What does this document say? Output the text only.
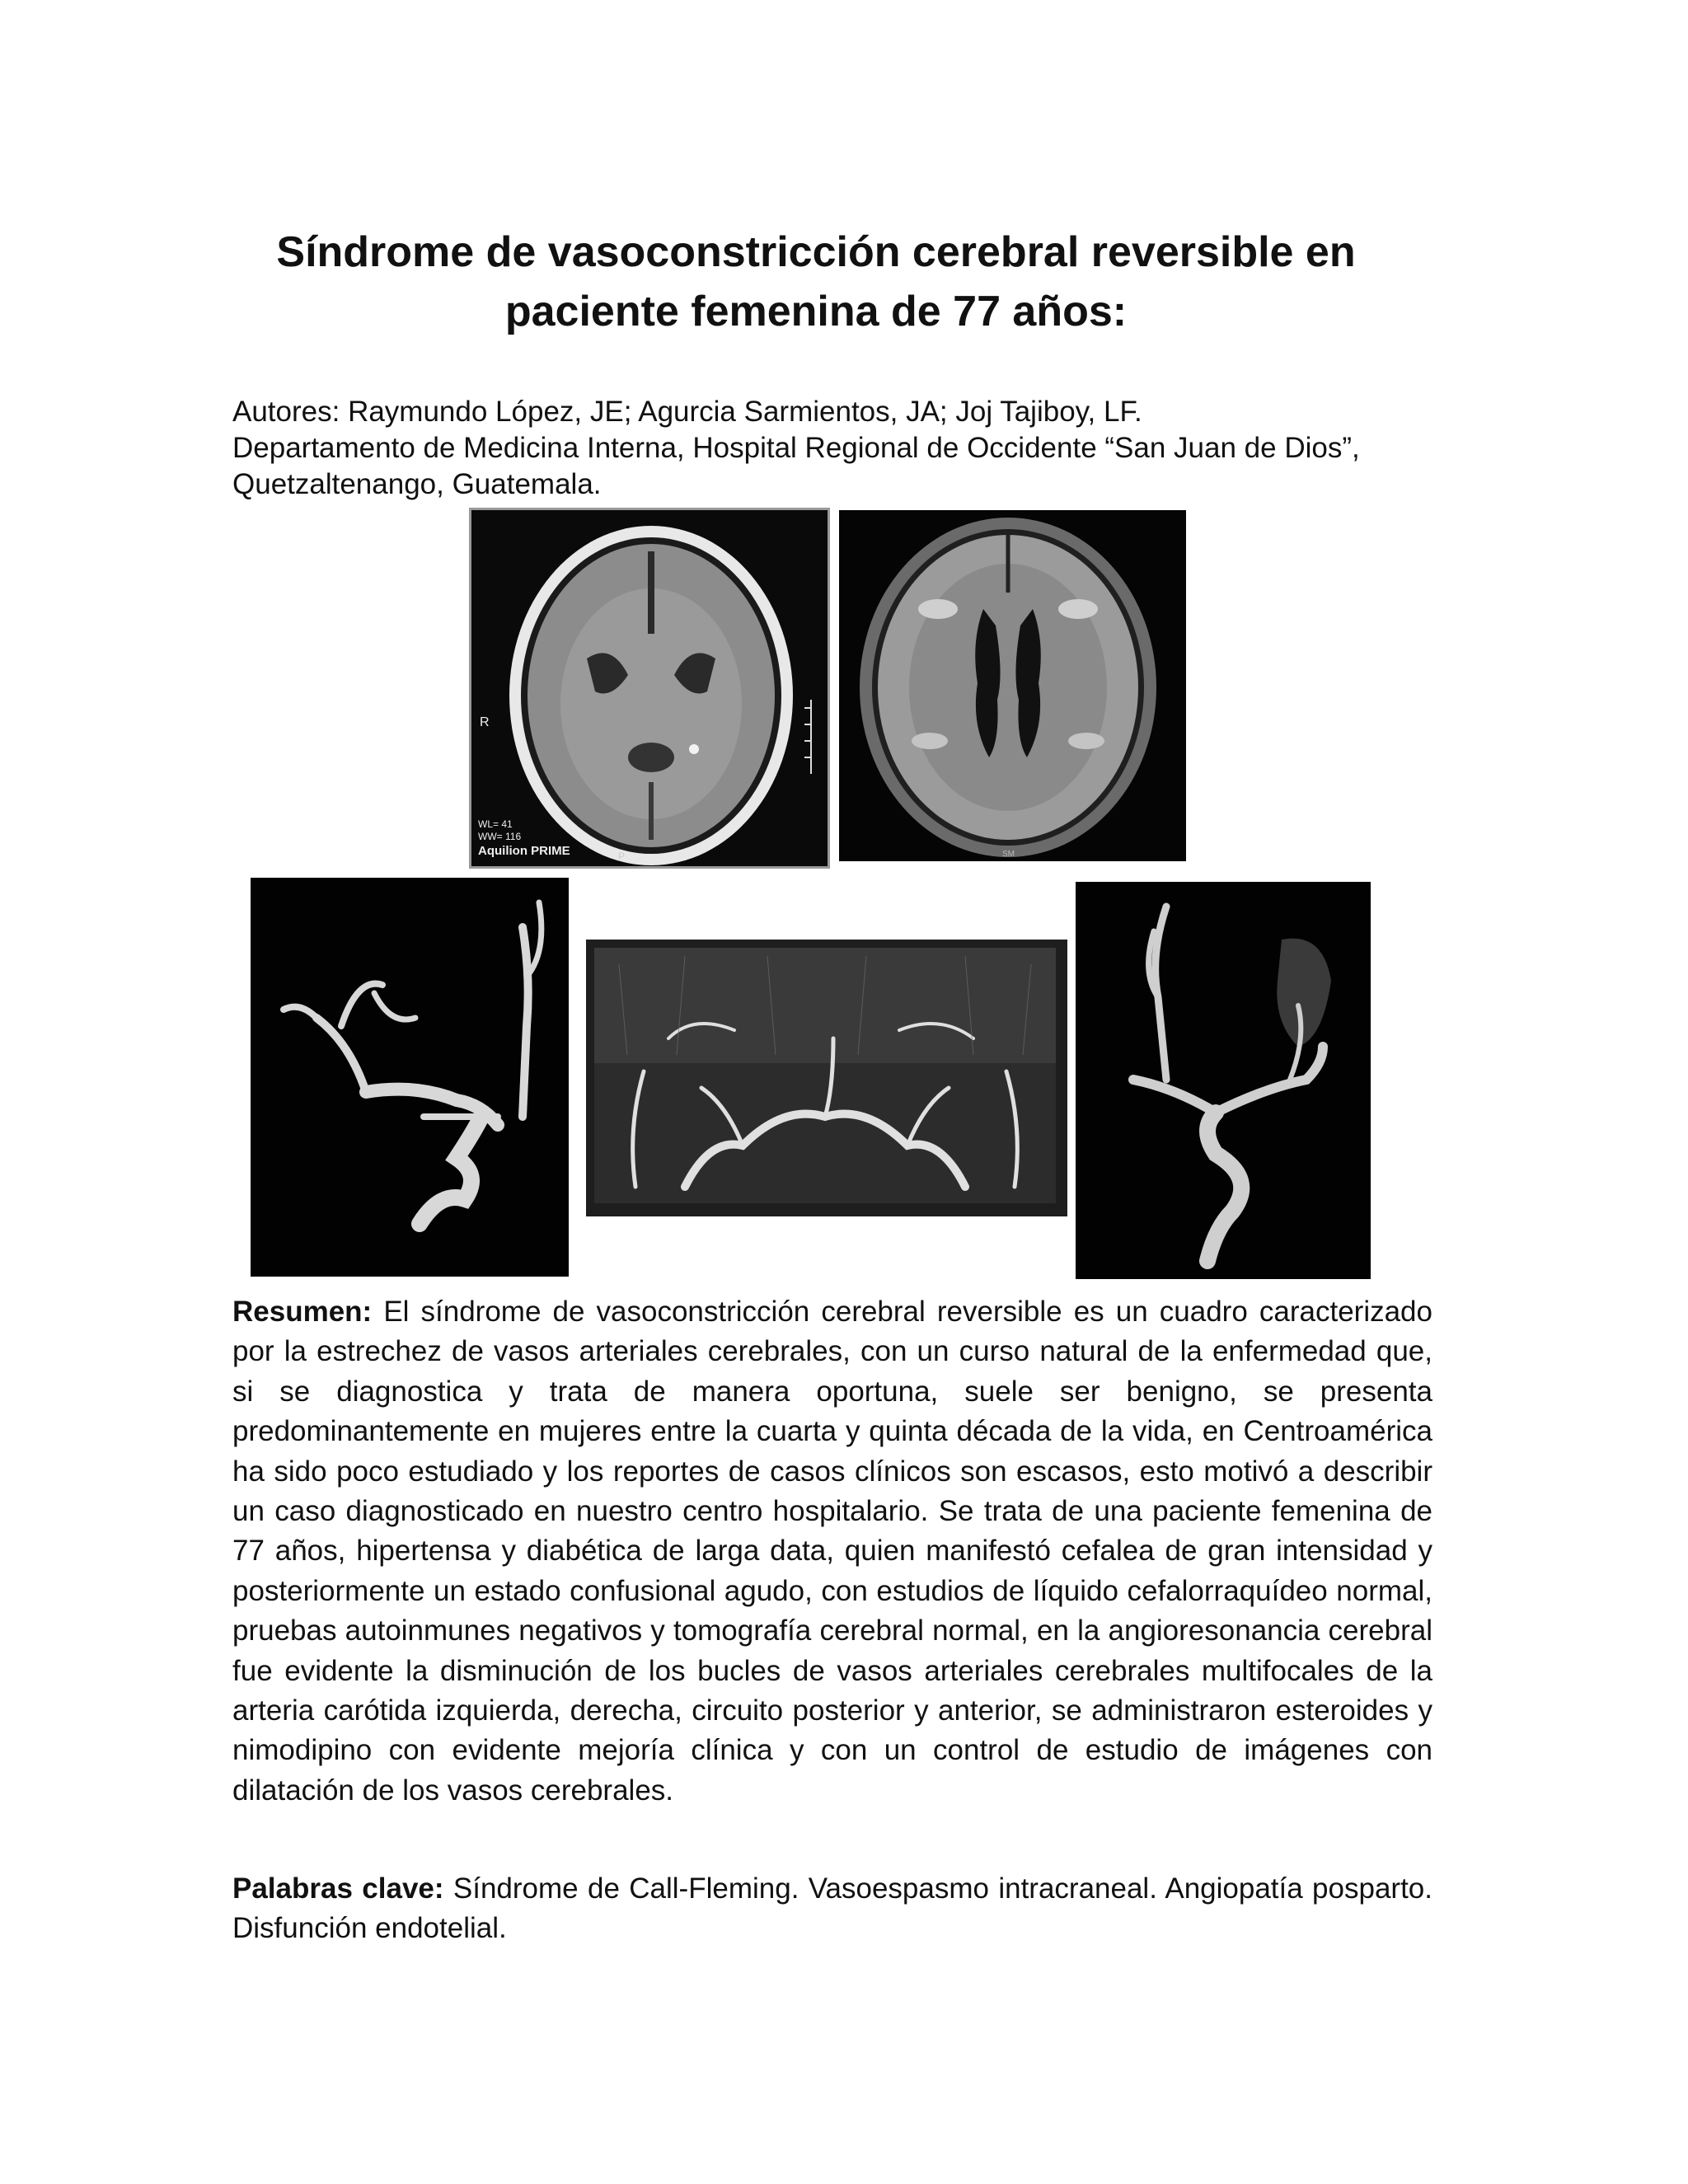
Síndrome de vasoconstricción cerebral reversible en
paciente femenina de 77 años:
Autores: Raymundo López, JE; Agurcia Sarmientos, JA; Joj Tajiboy, LF.
Departamento de Medicina Interna, Hospital Regional de Occidente “San Juan de Dios”,
Quetzaltenango, Guatemala.
R
WL= 41
WW= 116
Aquilion PRIME	P	SM

Resumen: El síndrome de vasoconstricción cerebral reversible es un cuadro caracterizado por la estrechez de vasos arteriales cerebrales, con un curso natural de la enfermedad que, si se diagnostica y trata de manera oportuna, suele ser benigno, se presenta predominantemente en mujeres entre la cuarta y quinta década de la vida, en Centroamérica ha sido poco estudiado y los reportes de casos clínicos son escasos, esto motivó a describir un caso diagnosticado en nuestro centro hospitalario. Se trata de una paciente femenina de 77 años, hipertensa y diabética de larga data, quien manifestó cefalea de gran intensidad y posteriormente un estado confusional agudo, con estudios de líquido cefalorraquídeo normal, pruebas autoinmunes negativos y tomografía cerebral normal, en la angioresonancia cerebral fue evidente la disminución de los bucles de vasos arteriales cerebrales multifocales de la arteria carótida izquierda, derecha, circuito posterior y anterior, se administraron esteroides y nimodipino con evidente mejoría clínica y con un control de estudio de imágenes con dilatación de los vasos cerebrales.

Palabras clave: Síndrome de Call-Fleming. Vasoespasmo intracraneal. Angiopatía posparto. Disfunción endotelial.
